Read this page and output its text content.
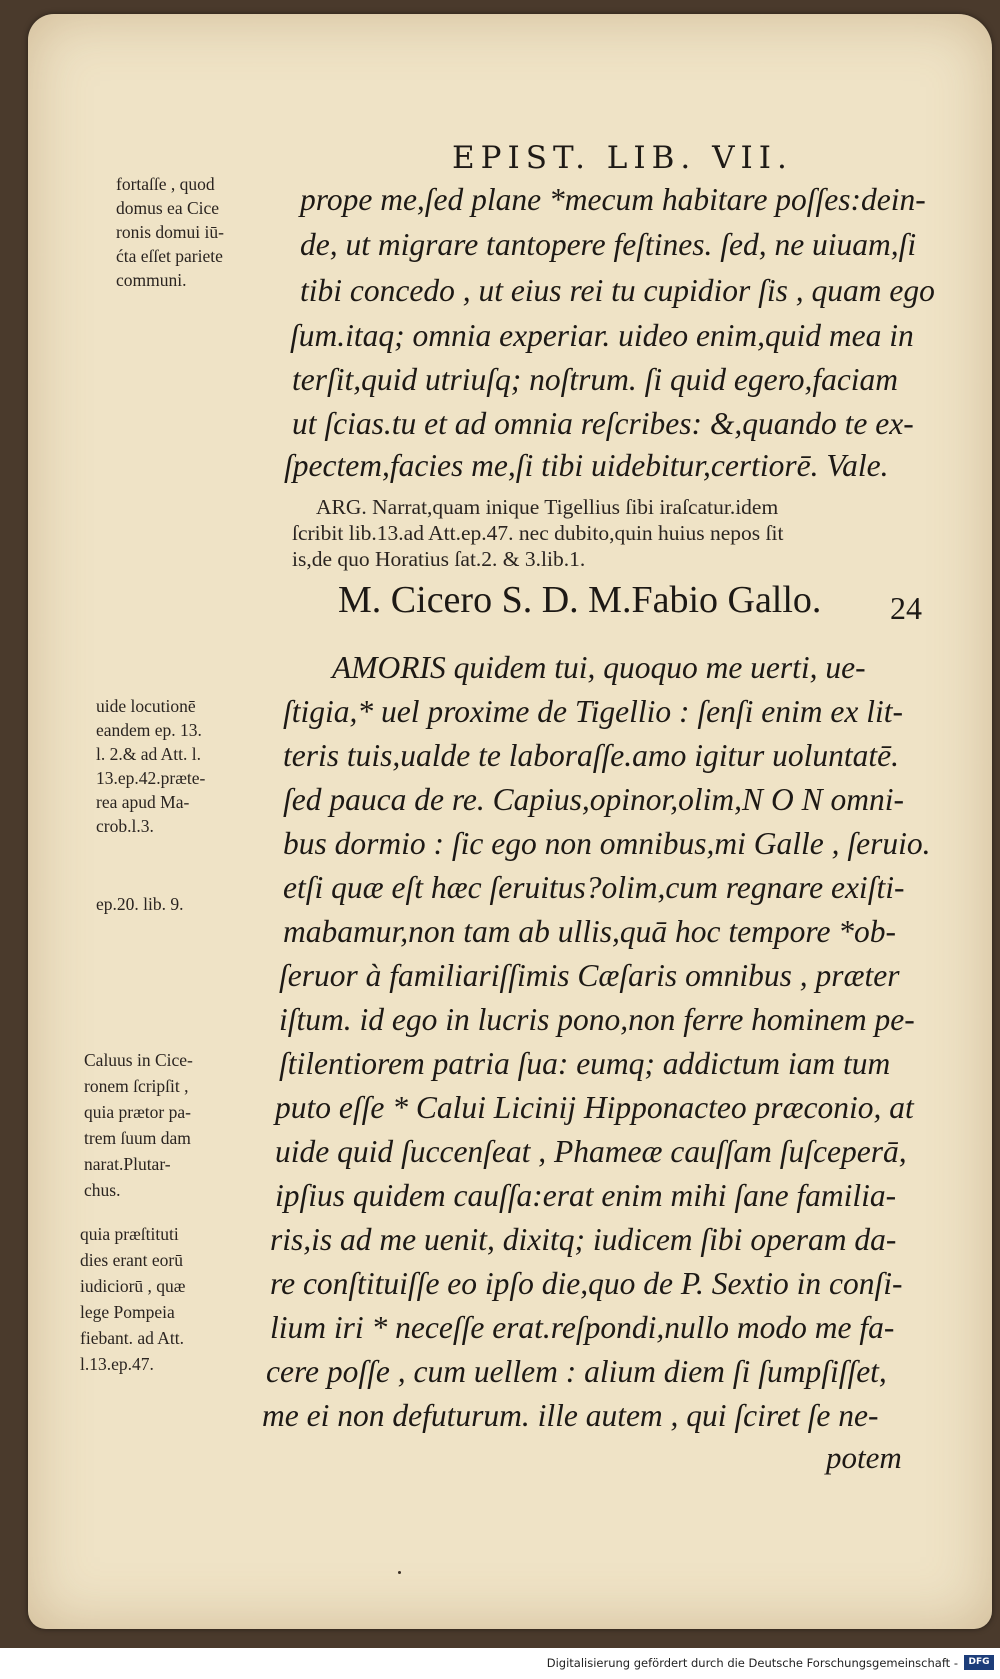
EPIST. LIB. VII.
fortaſſe , quod
domus ea Cice
ronis domui iū-
ćta eſſet pariete
communi.
prope me,ſed plane *mecum habitare poſſes:dein-
de, ut migrare tantopere feſtines. ſed, ne uiuam,ſi
tibi concedo , ut eius rei tu cupidior ſis , quam ego
ſum.itaq; omnia experiar. uideo enim,quid mea in
terſit,quid utriuſq; noſtrum. ſi quid egero,faciam
ut ſcias.tu et ad omnia reſcribes: &,quando te ex-
ſpectem,facies me,ſi tibi uidebitur,certiorē. Vale.
ARG. Narrat,quam inique Tigellius ſibi iraſcatur.idem
ſcribit lib.13.ad Att.ep.47. nec dubito,quin huius nepos ſit
is,de quo Horatius ſat.2. & 3.lib.1.
M. Cicero S. D. M.Fabio Gallo. 24
AMORIS quidem tui, quoquo me uerti, ue-
ſtigia,* uel proxime de Tigellio : ſenſi enim ex lit-
teris tuis,ualde te laboraſſe.amo igitur uoluntatē.
ſed pauca de re. Capius,opinor,olim,N O N omni-
bus dormio : ſic ego non omnibus,mi Galle , ſeruio.
etſi quæ eſt hæc ſeruitus?olim,cum regnare exiſti-
mabamur,non tam ab ullis,quā hoc tempore *ob-
ſeruor à familiariſſimis Cæſaris omnibus , præter
iſtum. id ego in lucris pono,non ferre hominem pe-
ſtilentiorem patria ſua: eumq; addictum iam tum
puto eſſe * Calui Licinij Hipponacteo præconio, at
uide quid ſuccenſeat , Phameæ cauſſam ſuſceperā,
ipſius quidem cauſſa:erat enim mihi ſane familia-
ris,is ad me uenit, dixitq; iudicem ſibi operam da-
re conſtituiſſe eo ipſo die,quo de P. Sextio in conſi-
lium iri * neceſſe erat.reſpondi,nullo modo me fa-
cere poſſe , cum uellem : alium diem ſi ſumpſiſſet,
me ei non defuturum. ille autem , qui ſciret ſe ne-
potem
uide locutionē
eandem ep. 13.
l. 2.& ad Att. l.
13.ep.42.præte-
rea apud Ma-
crob.l.3.
ep.20. lib. 9.
Caluus in Cice-
ronem ſcripſit ,
quia prætor pa-
trem ſuum dam
narat.Plutar-
chus.
quia præſtituti
dies erant eorū
iudiciorū , quæ
lege Pompeia
fiebant. ad Att.
l.13.ep.47.
Digitalisierung gefördert durch die Deutsche Forschungsgemeinschaft -	DFG
